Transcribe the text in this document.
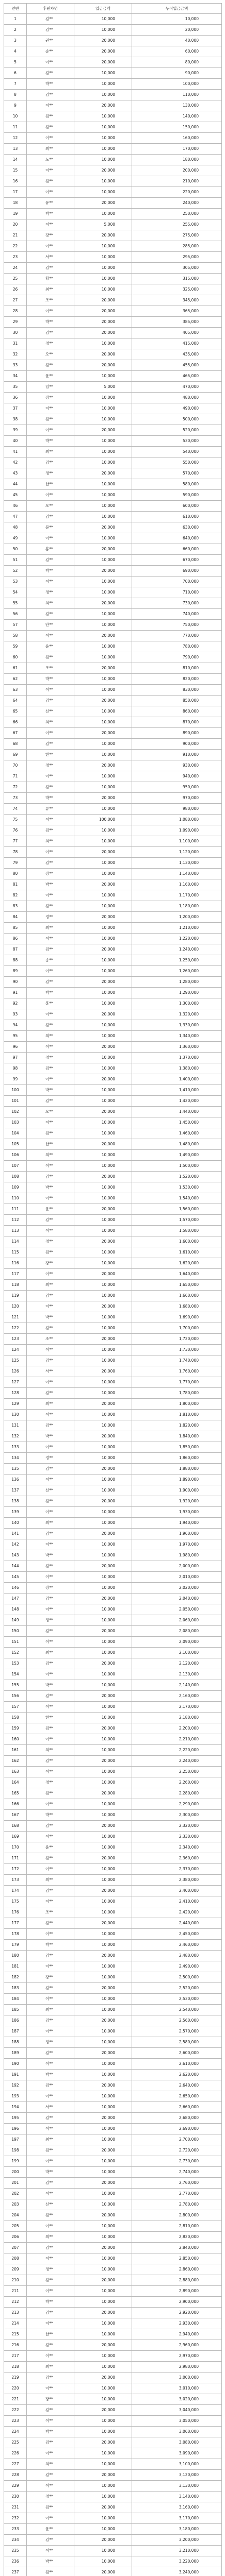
연번	후원자명	입금금액	누적입금금액
1	김**	10,000	10,000
2	김**	10,000	20,000
3	권**	20,000	40,000
4	송**	20,000	60,000
5	이**	20,000	80,000
6	김**	10,000	90,000
7	박**	10,000	100,000
8	김**	10,000	110,000
9	이**	20,000	130,000
10	김**	10,000	140,000
11	김**	10,000	150,000
12	이**	10,000	160,000
13	최**	10,000	170,000
14	노**	10,000	180,000
15	이**	20,000	200,000
16	김**	10,000	210,000
17	이**	10,000	220,000
18	유**	20,000	240,000
19	박**	10,000	250,000
20	이**	5,000	255,000
21	강**	20,000	275,000
22	이**	10,000	285,000
23	서**	10,000	295,000
24	김**	10,000	305,000
25	황**	10,000	315,000
26	최**	10,000	325,000
27	조**	20,000	345,000
28	이**	20,000	365,000
29	박**	20,000	385,000
30	김**	20,000	405,000
31	정**	10,000	415,000
32	오**	20,000	435,000
33	김**	20,000	455,000
34	윤**	10,000	465,000
35	임**	5,000	470,000
36	장**	10,000	480,000
37	이**	10,000	490,000
38	김**	10,000	500,000
39	이**	20,000	520,000
40	박**	10,000	530,000
41	최**	10,000	540,000
42	김**	10,000	550,000
43	정**	20,000	570,000
44	한**	10,000	580,000
45	이**	10,000	590,000
46	오**	10,000	600,000
47	김**	10,000	610,000
48	문**	20,000	630,000
49	이**	10,000	640,000
50	홍**	20,000	660,000
51	김**	10,000	670,000
52	박**	20,000	690,000
53	이**	10,000	700,000
54	정**	10,000	710,000
55	최**	20,000	730,000
56	김**	10,000	740,000
57	안**	10,000	750,000
58	이**	20,000	770,000
59	윤**	10,000	780,000
60	김**	10,000	790,000
61	조**	20,000	810,000
62	박**	10,000	820,000
63	이**	10,000	830,000
64	김**	20,000	850,000
65	신**	10,000	860,000
66	최**	10,000	870,000
67	이**	20,000	890,000
68	김**	10,000	900,000
69	한**	10,000	910,000
70	정**	20,000	930,000
71	이**	10,000	940,000
72	김**	10,000	950,000
73	박**	20,000	970,000
74	류**	10,000	980,000
75	이**	100,000	1,080,000
76	김**	10,000	1,090,000
77	최**	10,000	1,100,000
78	이**	20,000	1,120,000
79	김**	10,000	1,130,000
80	장**	10,000	1,140,000
81	박**	20,000	1,160,000
82	이**	10,000	1,170,000
83	김**	10,000	1,180,000
84	정**	20,000	1,200,000
85	최**	10,000	1,210,000
86	이**	10,000	1,220,000
87	김**	20,000	1,240,000
88	송**	10,000	1,250,000
89	이**	10,000	1,260,000
90	김**	20,000	1,280,000
91	박**	10,000	1,290,000
92	홍**	10,000	1,300,000
93	이**	20,000	1,320,000
94	김**	10,000	1,330,000
95	최**	10,000	1,340,000
96	이**	20,000	1,360,000
97	정**	10,000	1,370,000
98	김**	10,000	1,380,000
99	이**	20,000	1,400,000
100	박**	10,000	1,410,000
101	김**	10,000	1,420,000
102	오**	20,000	1,440,000
103	이**	10,000	1,450,000
104	김**	10,000	1,460,000
105	한**	20,000	1,480,000
106	최**	10,000	1,490,000
107	이**	10,000	1,500,000
108	김**	20,000	1,520,000
109	박**	10,000	1,530,000
110	이**	10,000	1,540,000
111	윤**	20,000	1,560,000
112	김**	10,000	1,570,000
113	이**	10,000	1,580,000
114	정**	20,000	1,600,000
115	김**	10,000	1,610,000
116	강**	10,000	1,620,000
117	이**	20,000	1,640,000
118	최**	10,000	1,650,000
119	김**	10,000	1,660,000
120	이**	20,000	1,680,000
121	박**	10,000	1,690,000
122	김**	10,000	1,700,000
123	조**	20,000	1,720,000
124	이**	10,000	1,730,000
125	김**	10,000	1,740,000
126	서**	20,000	1,760,000
127	이**	10,000	1,770,000
128	김**	10,000	1,780,000
129	최**	20,000	1,800,000
130	이**	10,000	1,810,000
131	김**	10,000	1,820,000
132	박**	20,000	1,840,000
133	이**	10,000	1,850,000
134	정**	10,000	1,860,000
135	김**	20,000	1,880,000
136	이**	10,000	1,890,000
137	신**	10,000	1,900,000
138	김**	20,000	1,920,000
139	이**	10,000	1,930,000
140	최**	10,000	1,940,000
141	김**	20,000	1,960,000
142	이**	10,000	1,970,000
143	박**	10,000	1,980,000
144	김**	20,000	2,000,000
145	이**	10,000	2,010,000
146	장**	10,000	2,020,000
147	김**	20,000	2,040,000
148	이**	10,000	2,050,000
149	정**	10,000	2,060,000
150	김**	20,000	2,080,000
151	이**	10,000	2,090,000
152	최**	10,000	2,100,000
153	김**	20,000	2,120,000
154	이**	10,000	2,130,000
155	박**	10,000	2,140,000
156	김**	20,000	2,160,000
157	이**	10,000	2,170,000
158	한**	10,000	2,180,000
159	김**	20,000	2,200,000
160	이**	10,000	2,210,000
161	최**	10,000	2,220,000
162	김**	20,000	2,240,000
163	이**	10,000	2,250,000
164	정**	10,000	2,260,000
165	김**	20,000	2,280,000
166	이**	10,000	2,290,000
167	박**	10,000	2,300,000
168	김**	20,000	2,320,000
169	이**	10,000	2,330,000
170	윤**	10,000	2,340,000
171	김**	20,000	2,360,000
172	이**	10,000	2,370,000
173	최**	10,000	2,380,000
174	김**	20,000	2,400,000
175	이**	10,000	2,410,000
176	조**	10,000	2,420,000
177	김**	20,000	2,440,000
178	이**	10,000	2,450,000
179	박**	10,000	2,460,000
180	김**	20,000	2,480,000
181	이**	10,000	2,490,000
182	강**	10,000	2,500,000
183	김**	20,000	2,520,000
184	이**	10,000	2,530,000
185	최**	10,000	2,540,000
186	김**	20,000	2,560,000
187	이**	10,000	2,570,000
188	정**	10,000	2,580,000
189	김**	20,000	2,600,000
190	이**	10,000	2,610,000
191	박**	10,000	2,620,000
192	김**	20,000	2,640,000
193	이**	10,000	2,650,000
194	서**	10,000	2,660,000
195	김**	20,000	2,680,000
196	이**	10,000	2,690,000
197	최**	10,000	2,700,000
198	김**	20,000	2,720,000
199	이**	10,000	2,730,000
200	박**	10,000	2,740,000
201	김**	20,000	2,760,000
202	이**	10,000	2,770,000
203	신**	10,000	2,780,000
204	김**	20,000	2,800,000
205	이**	10,000	2,810,000
206	최**	10,000	2,820,000
207	김**	20,000	2,840,000
208	이**	10,000	2,850,000
209	정**	10,000	2,860,000
210	김**	20,000	2,880,000
211	이**	10,000	2,890,000
212	박**	10,000	2,900,000
213	김**	20,000	2,920,000
214	이**	10,000	2,930,000
215	한**	10,000	2,940,000
216	김**	20,000	2,960,000
217	이**	10,000	2,970,000
218	최**	10,000	2,980,000
219	김**	20,000	3,000,000
220	이**	10,000	3,010,000
221	장**	10,000	3,020,000
222	김**	20,000	3,040,000
223	이**	10,000	3,050,000
224	박**	10,000	3,060,000
225	김**	20,000	3,080,000
226	이**	10,000	3,090,000
227	최**	10,000	3,100,000
228	김**	20,000	3,120,000
229	이**	10,000	3,130,000
230	정**	10,000	3,140,000
231	김**	20,000	3,160,000
232	이**	10,000	3,170,000
233	윤**	10,000	3,180,000
234	김**	20,000	3,200,000
235	이**	10,000	3,210,000
236	박**	10,000	3,220,000
237	김**	20,000	3,240,000
